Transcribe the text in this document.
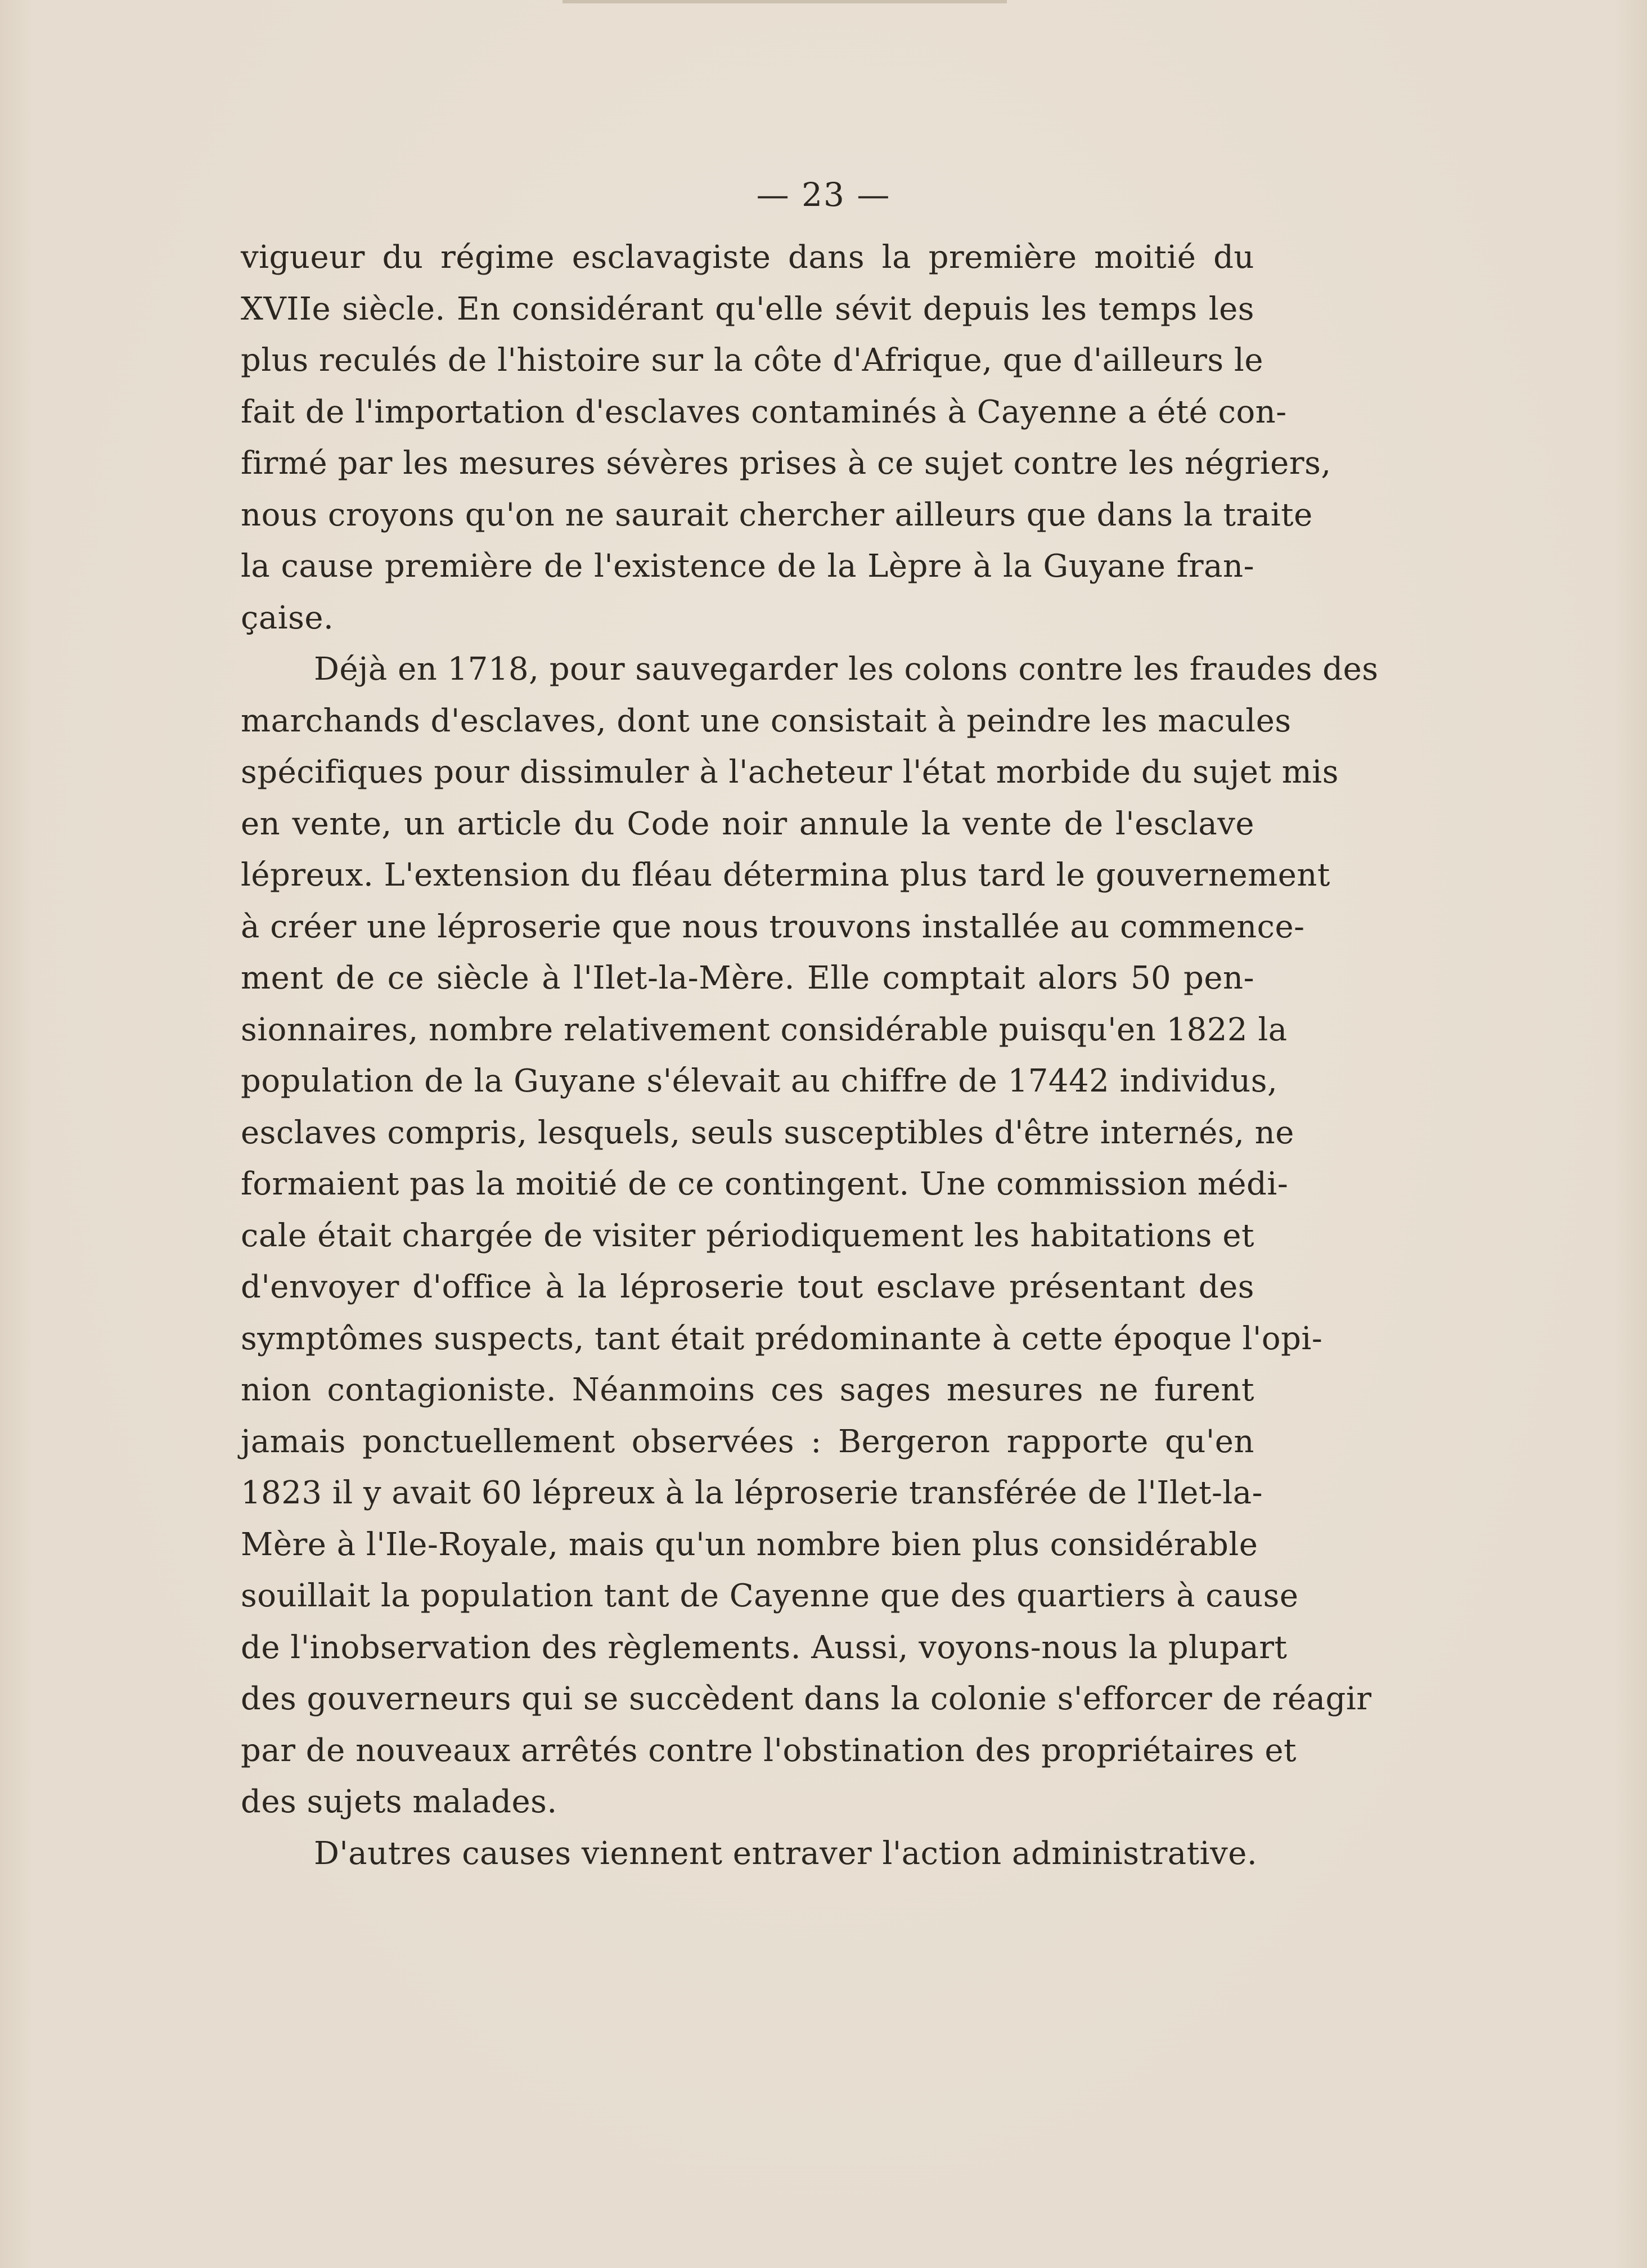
— 23 —
vigueur du régime esclavagiste dans la première moitié du
XVIIe siècle. En considérant qu'elle sévit depuis les temps les
plus reculés de l'histoire sur la côte d'Afrique, que d'ailleurs le
fait de l'importation d'esclaves contaminés à Cayenne a été con-
firmé par les mesures sévères prises à ce sujet contre les négriers,
nous croyons qu'on ne saurait chercher ailleurs que dans la traite
la cause première de l'existence de la Lèpre à la Guyane fran-
çaise.
Déjà en 1718, pour sauvegarder les colons contre les fraudes des
marchands d'esclaves, dont une consistait à peindre les macules
spécifiques pour dissimuler à l'acheteur l'état morbide du sujet mis
en vente, un article du Code noir annule la vente de l'esclave
lépreux. L'extension du fléau détermina plus tard le gouvernement
à créer une léproserie que nous trouvons installée au commence-
ment de ce siècle à l'Ilet-la-Mère. Elle comptait alors 50 pen-
sionnaires, nombre relativement considérable puisqu'en 1822 la
population de la Guyane s'élevait au chiffre de 17442 individus,
esclaves compris, lesquels, seuls susceptibles d'être internés, ne
formaient pas la moitié de ce contingent. Une commission médi-
cale était chargée de visiter périodiquement les habitations et
d'envoyer d'office à la léproserie tout esclave présentant des
symptômes suspects, tant était prédominante à cette époque l'opi-
nion contagioniste. Néanmoins ces sages mesures ne furent
jamais ponctuellement observées : Bergeron rapporte qu'en
1823 il y avait 60 lépreux à la léproserie transférée de l'Ilet-la-
Mère à l'Ile-Royale, mais qu'un nombre bien plus considérable
souillait la population tant de Cayenne que des quartiers à cause
de l'inobservation des règlements. Aussi, voyons-nous la plupart
des gouverneurs qui se succèdent dans la colonie s'efforcer de réagir
par de nouveaux arrêtés contre l'obstination des propriétaires et
des sujets malades.
D'autres causes viennent entraver l'action administrative.
